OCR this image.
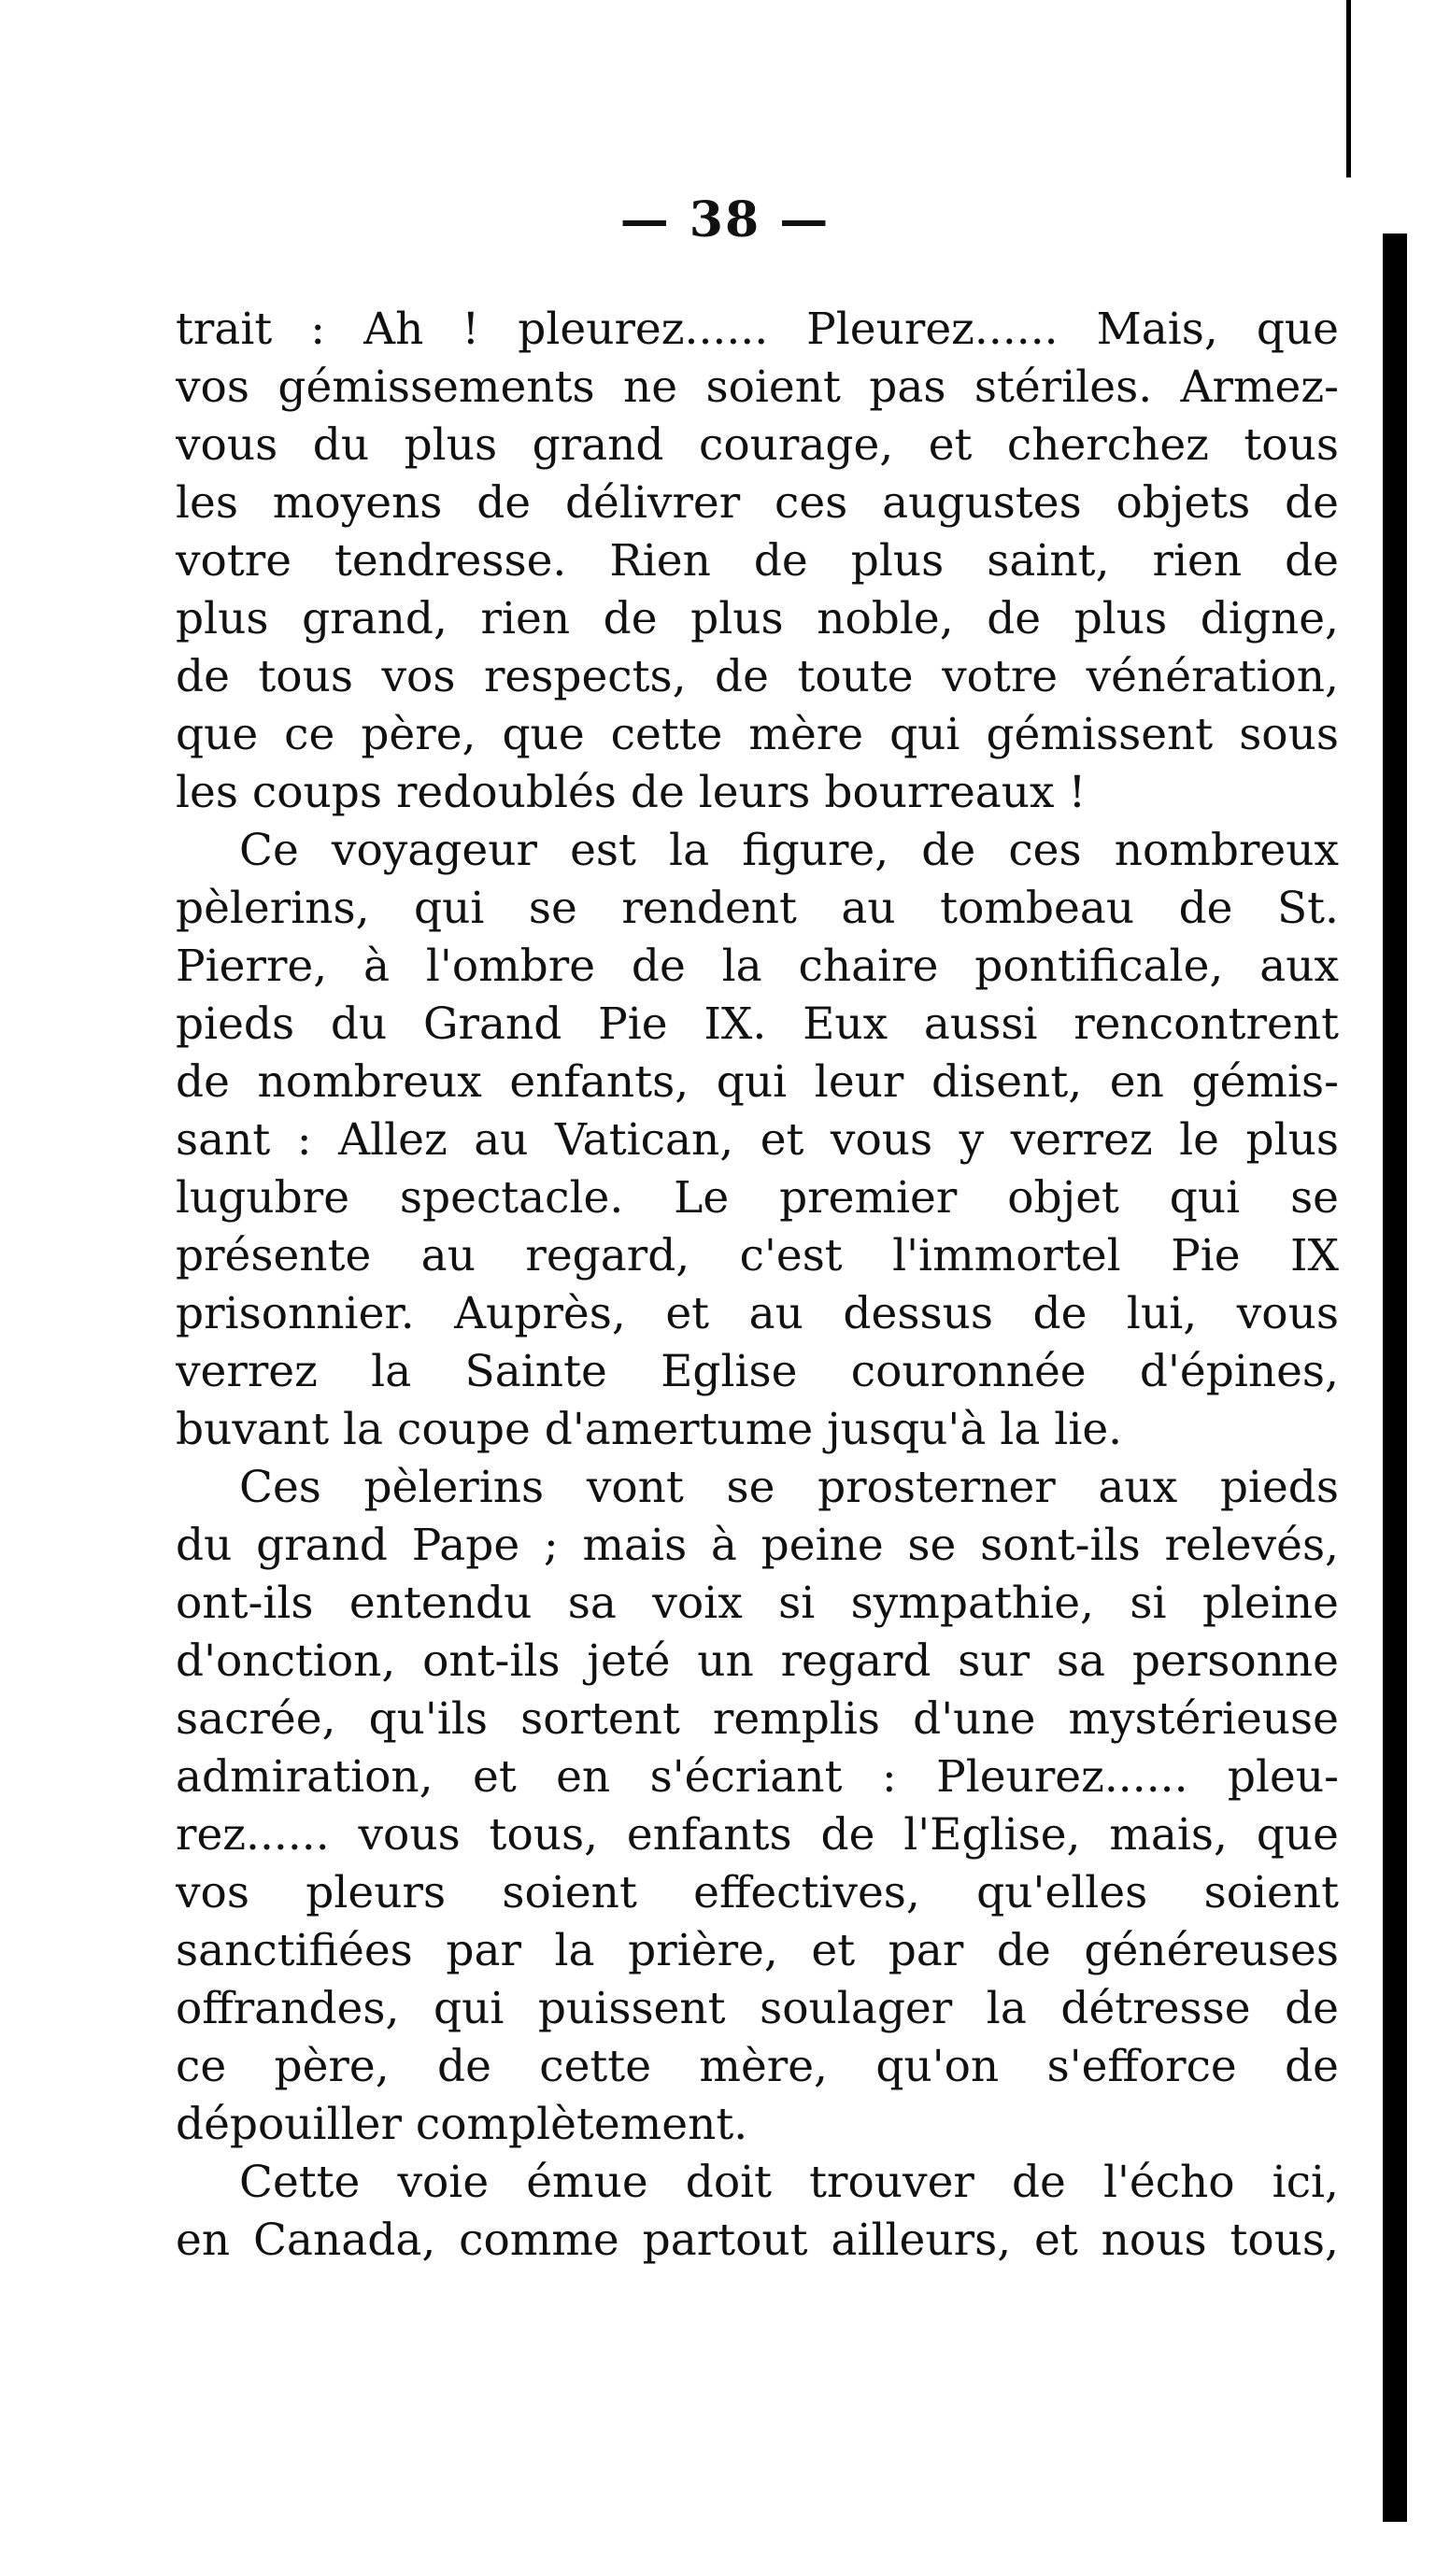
— 38 —
trait : Ah ! pleurez...... Pleurez...... Mais, que
vos gémissements ne soient pas stériles. Armez-
vous du plus grand courage, et cherchez tous
les moyens de délivrer ces augustes objets de
votre tendresse. Rien de plus saint, rien de
plus grand, rien de plus noble, de plus digne,
de tous vos respects, de toute votre vénération,
que ce père, que cette mère qui gémissent sous
les coups redoublés de leurs bourreaux !
Ce voyageur est la figure, de ces nombreux
pèlerins, qui se rendent au tombeau de St.
Pierre, à l'ombre de la chaire pontificale, aux
pieds du Grand Pie IX. Eux aussi rencontrent
de nombreux enfants, qui leur disent, en gémis-
sant : Allez au Vatican, et vous y verrez le plus
lugubre spectacle. Le premier objet qui se
présente au regard, c'est l'immortel Pie IX
prisonnier. Auprès, et au dessus de lui, vous
verrez la Sainte Eglise couronnée d'épines,
buvant la coupe d'amertume jusqu'à la lie.
Ces pèlerins vont se prosterner aux pieds
du grand Pape ; mais à peine se sont-ils relevés,
ont-ils entendu sa voix si sympathie, si pleine
d'onction, ont-ils jeté un regard sur sa personne
sacrée, qu'ils sortent remplis d'une mystérieuse
admiration, et en s'écriant : Pleurez...... pleu-
rez...... vous tous, enfants de l'Eglise, mais, que
vos pleurs soient effectives, qu'elles soient
sanctifiées par la prière, et par de généreuses
offrandes, qui puissent soulager la détresse de
ce père, de cette mère, qu'on s'efforce de
dépouiller complètement.
Cette voie émue doit trouver de l'écho ici,
en Canada, comme partout ailleurs, et nous tous,
